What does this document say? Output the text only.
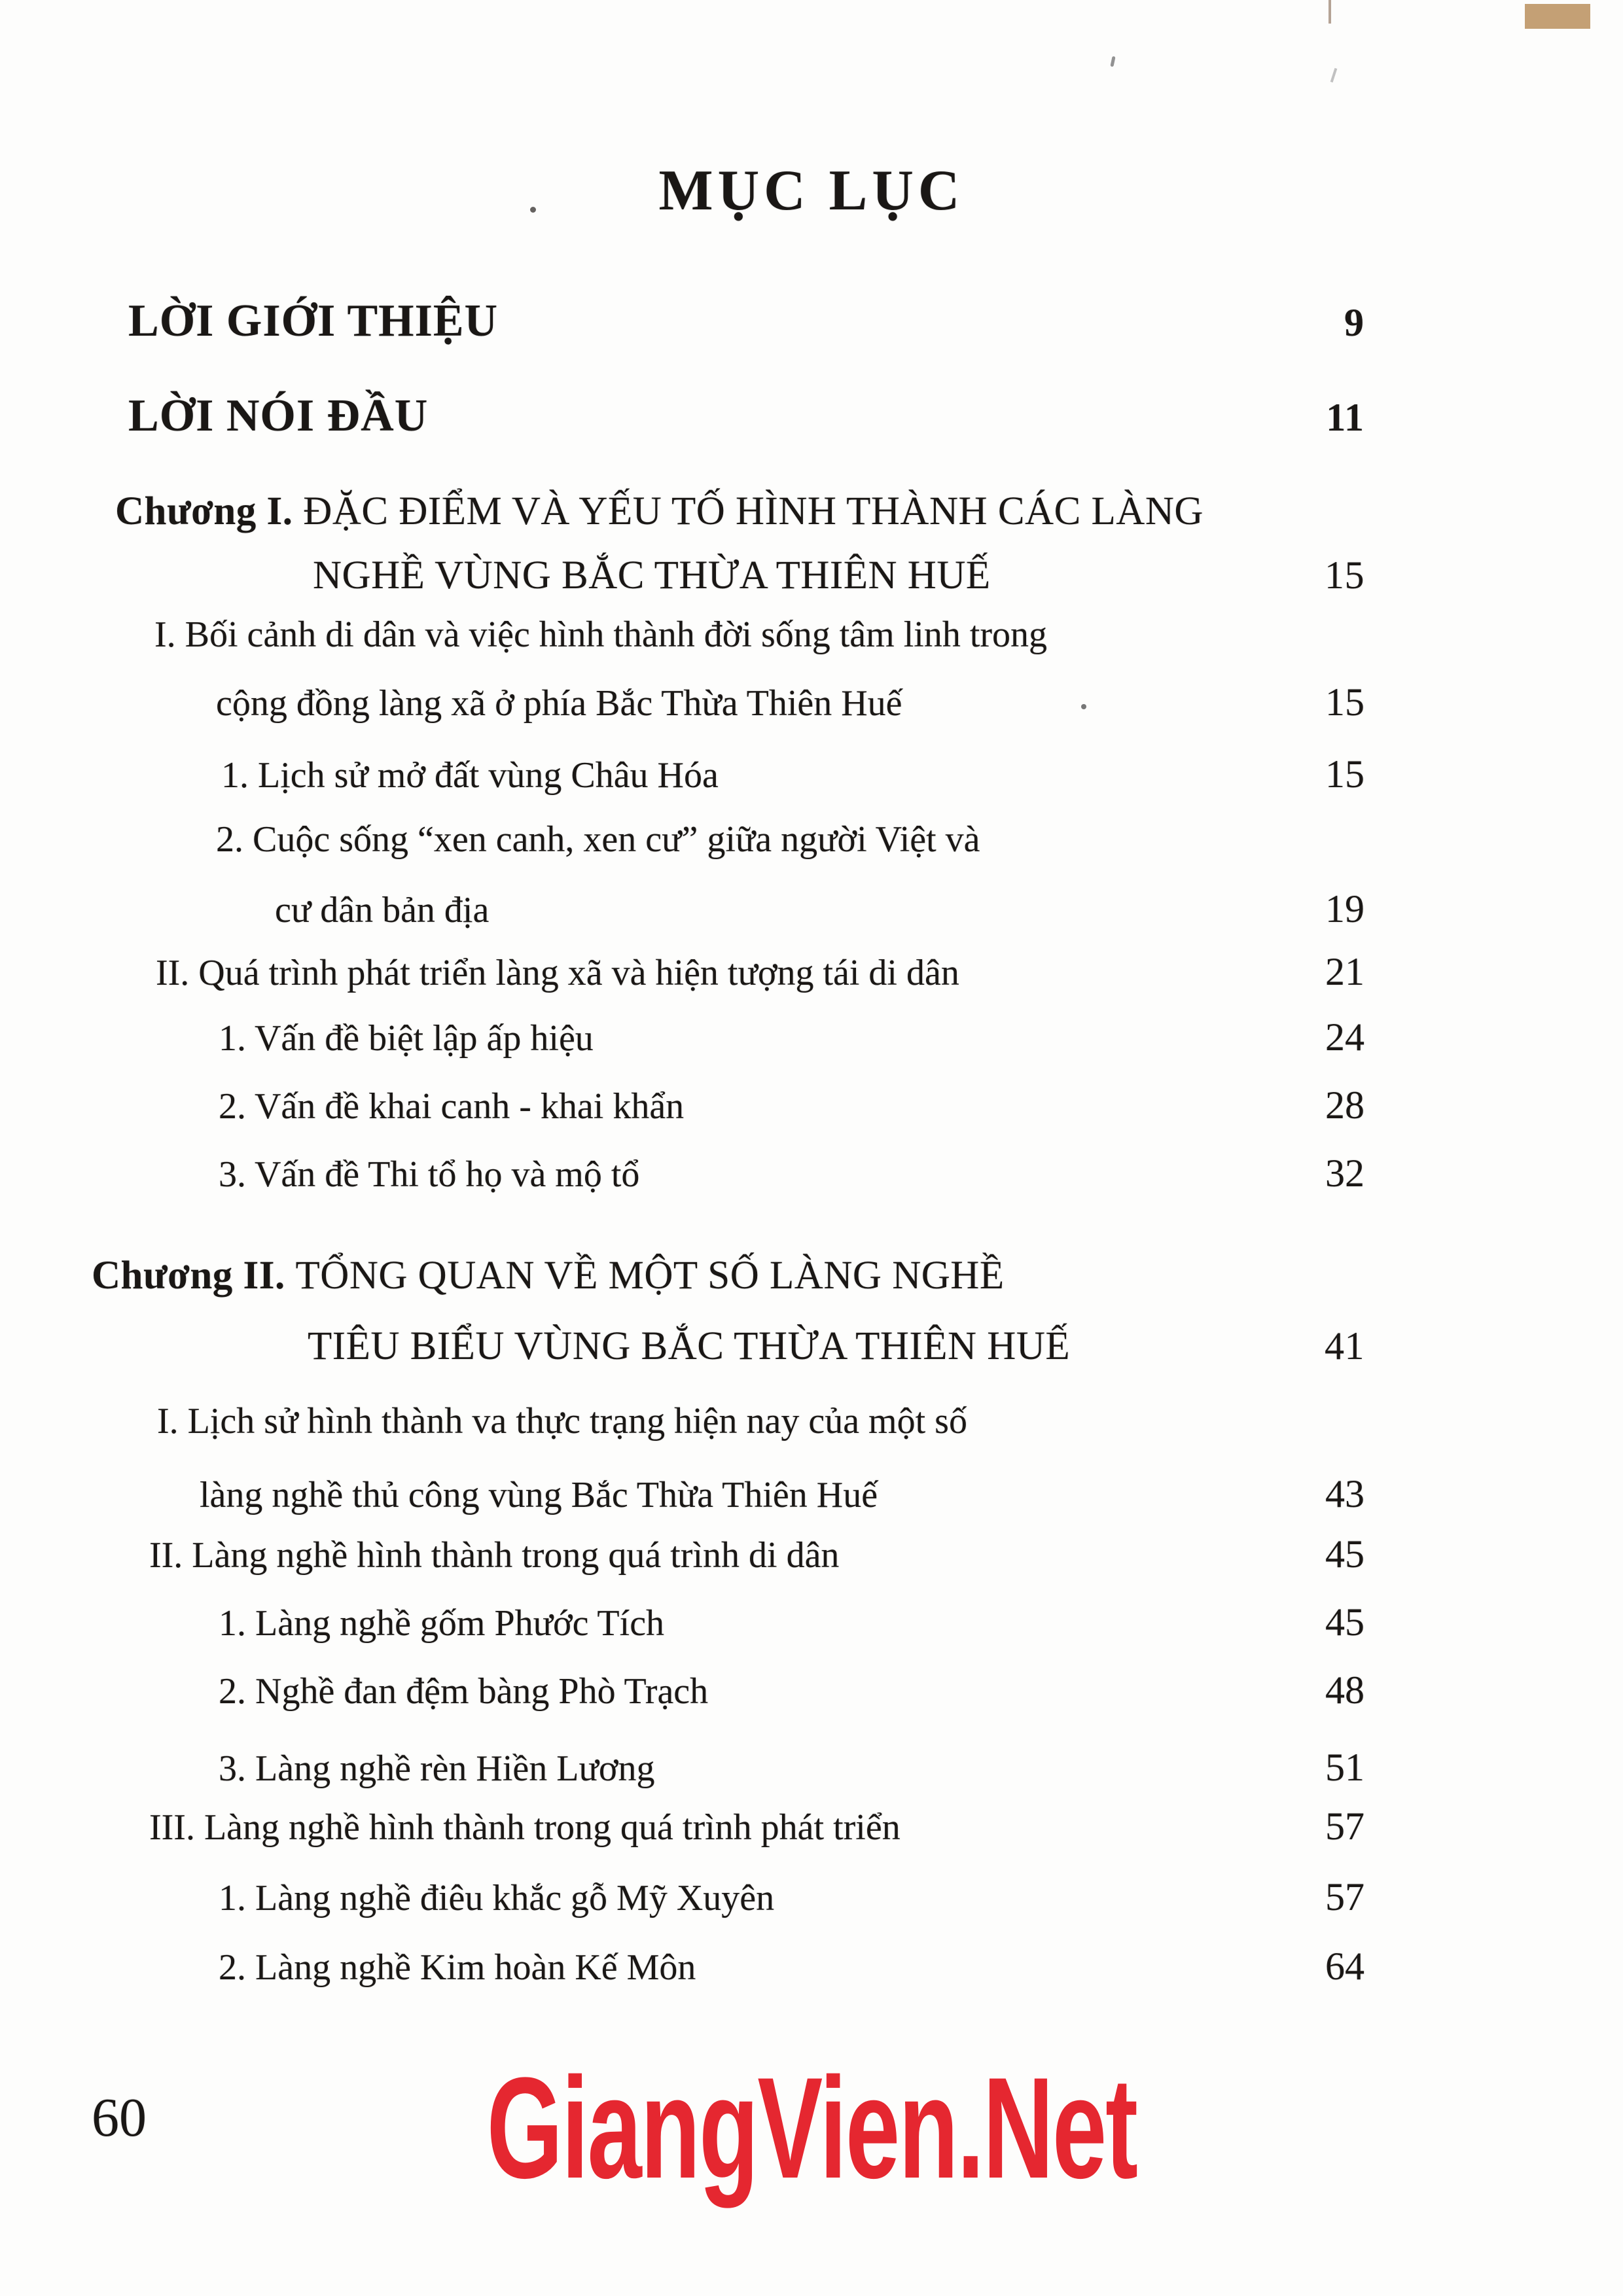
MỤC LỤC
LỜI GIỚI THIỆU	9
LỜI NÓI ĐẦU	11
Chương I. ĐẶC ĐIỂM VÀ YẾU TỐ HÌNH THÀNH CÁC LÀNG
NGHỀ VÙNG BẮC THỪA THIÊN HUẾ	15
I. Bối cảnh di dân và việc hình thành đời sống tâm linh trong
cộng đồng làng xã ở phía Bắc Thừa Thiên Huế	15
1. Lịch sử mở đất vùng Châu Hóa	15
2. Cuộc sống “xen canh, xen cư” giữa người Việt và
cư dân bản địa	19
II. Quá trình phát triển làng xã và hiện tượng tái di dân	21
1. Vấn đề biệt lập ấp hiệu	24
2. Vấn đề khai canh - khai khẩn	28
3. Vấn đề Thi tổ họ và mộ tổ	32
Chương II. TỔNG QUAN VỀ MỘT SỐ LÀNG NGHỀ
TIÊU BIỂU VÙNG BẮC THỪA THIÊN HUẾ	41
I. Lịch sử hình thành va thực trạng hiện nay của một số
làng nghề thủ công vùng Bắc Thừa Thiên Huế	43
II. Làng nghề hình thành trong quá trình di dân	45
1. Làng nghề gốm Phước Tích	45
2. Nghề đan đệm bàng Phò Trạch	48
3. Làng nghề rèn Hiền Lương	51
III. Làng nghề hình thành trong quá trình phát triển	57
1. Làng nghề điêu khắc gỗ Mỹ Xuyên	57
2. Làng nghề Kim hoàn Kế Môn	64
60	GiangVien.Net
